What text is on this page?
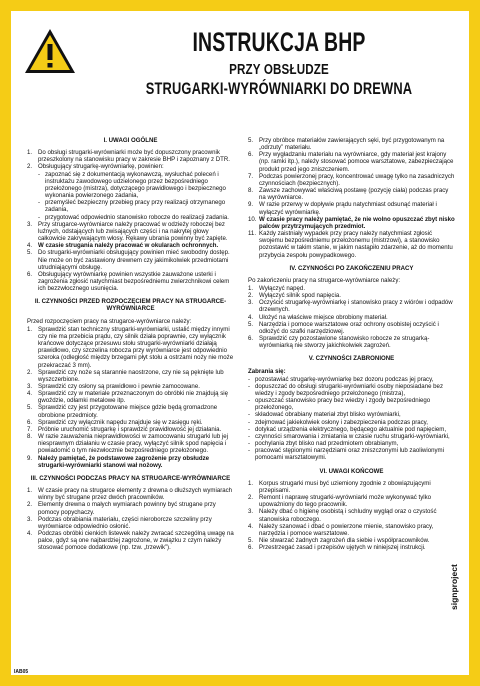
INSTRUKCJA BHP
PRZY OBSŁUDZE
STRUGARKI-WYRÓWNIARKI DO DREWNA
I. UWAGI OGÓLNE
1. Do obsługi strugarki-wyrówniarki może być dopuszczony pracownik przeszkolony na stanowisku pracy w zakresie BHP i zapoznany z DTR.
2. Obsługujący strugarkę-wyrówniarkę, powinien:
- zapoznać się z dokumentacją wykonawczą, wysłuchać poleceń i instruktażu zawodowego udzielonego przez bezpośredniego przełożonego (mistrza), dotyczącego prawidłowego i bezpiecznego wykonania powierzonego zadania,
- przemyśleć bezpieczny przebieg pracy przy realizacji otrzymanego zadania,
- przygotować odpowiednio stanowisko robocze do realizacji zadania.
3. Przy strugarce-wyrówniarce należy pracować w odzieży roboczej bez luźnych, odstających lub zwisających części i na nakrytej głowy całkowicie zakrywającym włosy. Rękawy ubrania powinny być zapięte.
4. W czasie strugania należy pracować w okularach ochronnych.
5. Do strugarki-wyrówniarki obsługujący powinien mieć swobodny dostęp. Nie może on być zastawiony drewnem czy jakimikolwiek przedmiotami utrudniającymi obsługę.
6. Obsługujący wyrówniarkę powinien wszystkie zauważone usterki i zagrożenia zgłosić natychmiast bezpośredniemu zwierzchnikowi celem ich bezzwłocznego usunięcia.
II. CZYNNOŚCI PRZED ROZPOCZĘCIEM PRACY NA STRUGARCE-WYRÓWNIARCE
Przed rozpoczęciem pracy na strugarce-wyrówniarce należy:
1. Sprawdzić stan techniczny strugarki-wyrówniarki, ustalić między innymi czy nie ma przebicia prądu, czy silnik działa poprawnie, czy wyłącznik krańcowe dotyczące przesuwu stołu strugarki-wyrówniarki działają prawidłowo, czy szczelina robocza przy wyrówniarce jest odpowiednio szeroka (odległość między brzegami płyt stołu a ostrzami noży nie może przekraczać 3 mm).
2. Sprawdzić czy noże są starannie naostrzone, czy nie są pęknięte lub wyszczerbione.
3. Sprawdzić czy osłony są prawidłowo i pewnie zamocowane.
4. Sprawdzić czy w materiale przeznaczonym do obróbki nie znajdują się gwoździe, odłamki metalowe itp.
5. Sprawdzić czy jest przygotowane miejsce gdzie będą gromadzone obrobione przedmioty.
6. Sprawdzić czy wyłącznik napędu znajduje się w zasięgu ręki.
7. Próbnie uruchomić strugarkę i sprawdzić prawidłowość jej działania.
8. W razie zauważenia nieprawidłowości w zamocowaniu strugarki lub jej niesprawnym działaniu w czasie pracy, wyłączyć silnik spod napięcia i powiadomić o tym niezwłocznie bezpośredniego przełożonego.
9. Należy pamiętać, że podstawowe zagrożenie przy obsłudze strugarki-wyrówniarki stanowi wał nożowy.
III. CZYNNOŚCI PODCZAS PRACY NA STRUGARCE-WYRÓWNIARCE
1. W czasie pracy na strugarce elementy z drewna o dłuższych wymiarach winny być strugane przez dwóch pracowników.
2. Elementy drewna o małych wymiarach powinny być strugane przy pomocy popychaczy.
3. Podczas obrabiania materiału, części nieroborcze szczeliny przy wyrówniarce odpowiednio osłonić.
4. Podczas obróbki cienkich listewek należy zwracać szczególną uwagę na palce, gdyż są one najbardziej zagrożone, w związku z czym należy stosować pomoce dodatkowe (np. tzw. „trzewik”).
5. Przy obróbce materiałów zawierających sęki, być przygotowanym na „odrzuty” materiału.
6. Przy wygładzaniu materiału na wyrówniarce, gdy materiał jest krajony (np. ramki itp.), należy stosować pomoce warsztatowe, zabezpieczające produkt przed jego zniszczeniem.
7. Podczas powierzonej pracy, koncentrować uwagę tylko na zasadniczych czynnościach (bezpiecznych).
8. Zawsze zachowywać właściwą postawę (pozycję ciała) podczas pracy na wyrówniarce.
9. W razie przerwy w dopływie prądu natychmiast odsunąć materiał i wyłączyć wyrówniarkę.
10. W czasie pracy należy pamiętać, że nie wolno opuszczać zbyt nisko palców przytrzymujących przedmiot.
11. Każdy zaistniały wypadek przy pracy należy natychmiast zgłosić swojemu bezpośredniemu przełożonemu (mistrzowi), a stanowisko pozostawić w takim stanie, w jakim nastąpiło zdarzenie, aż do momentu przybycia zespołu powypadkowego.
IV. CZYNNOŚCI PO ZAKOŃCZENIU PRACY
Po zakończeniu pracy na strugarce-wyrówniarce należy:
1. Wyłączyć napęd.
2. Wyłączyć silnik spod napięcia.
3. Oczyścić strugarkę-wyrówniarkę i stanowisko pracy z wiórów i odpadów drzewnych.
4. Ułożyć na właściwe miejsce obrobiony materiał.
5. Narzędzia i pomoce warsztatowe oraz ochrony osobistej oczyścić i odłożyć do szafki narzędziowej.
6. Sprawdzić czy pozostawione stanowisko robocze ze strugarką-wyrówniarką nie stworzy jakichkolwiek zagrożeń.
V. CZYNNOŚCI ZABRONIONE
Zabrania się:
- pozostawiać strugarkę-wyrówniarkę bez dozoru podczas jej pracy,
- dopuszczać do obsługi strugarki-wyrówniarki osoby nieposiadane bez wiedzy i zgody bezpośredniego przełożonego (mistrza),
- opuszczać stanowisko pracy bez wiedzy i zgody bezpośredniego przełożonego,
- składować obrabiany materiał zbyt blisko wyrówniarki,
- zdejmować jakiekolwiek osłony i zabezpieczenia podczas pracy,
- dotykać urządzenia elektrycznego, będącego aktualnie pod napięciem,
- czynności smarowania i zmiatania w czasie ruchu strugarki-wyrówniarki,
- pochylania zbyt blisko nad przedmiotem obrabianym,
- pracować stępionymi narzędziami oraz zniszczonymi lub zaoliwionymi pomocami warsztatowymi.
VI. UWAGI KOŃCOWE
1. Korpus strugarki musi być uziemiony zgodnie z obowiązującymi przepisami.
2. Remont i naprawę strugarki-wyrówniarki może wykonywać tylko upoważniony do tego pracownik.
3. Należy dbać o higienę osobistą i schludny wygląd oraz o czystość stanowiska roboczego.
4. Należy szanować i dbać o powierzone mienie, stanowisko pracy, narzędzia i pomoce warsztatowe.
5. Nie stwarzać żadnych zagrożeń dla siebie i współpracowników.
6. Przestrzegać zasad i przepisów ujętych w niniejszej instrukcji.
signproject
IAB05
